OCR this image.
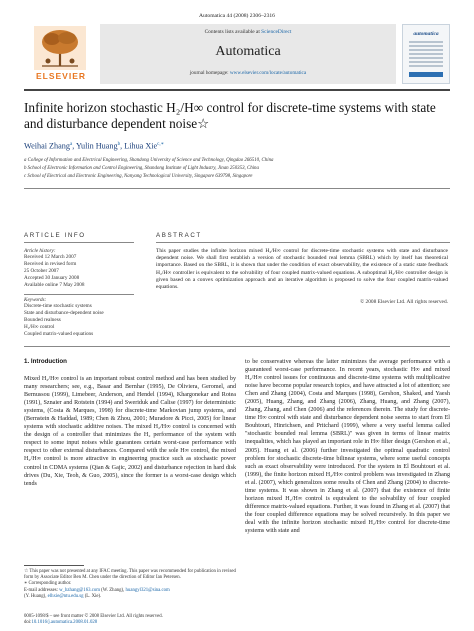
Automatica 44 (2008) 2306–2316
ELSEVIER
Contents lists available at ScienceDirect
Automatica
journal homepage: www.elsevier.com/locate/automatica
automatica
Infinite horizon stochastic H₂/H∞ control for discrete-time systems with state and disturbance dependent noise☆
Weihai Zhang$^a$, Yulin Huang$^b$, Lihua Xie$^{c,∗}$
a College of Information and Electrical Engineering, Shandong University of Science and Technology, Qingdao 266510, China
b School of Electronic Information and Control Engineering, Shandong Institute of Light Industry, Jinan 250353, China
c School of Electrical and Electronic Engineering, Nanyang Technological University, Singapore 639798, Singapore
ARTICLE INFO	ABSTRACT
Article history:
Received 12 March 2007
Received in revised form
25 October 2007
Accepted 30 January 2008
Available online 7 May 2008
Keywords:
Discrete-time stochastic systems
State and disturbance-dependent noise
Bounded realness
H₂/H∞ control
Coupled matrix-valued equations
This paper studies the infinite horizon mixed H₂/H∞ control for discrete-time stochastic systems with state and disturbance dependent noise. We shall first establish a version of stochastic bounded real lemma (SBRL) which by itself has theoretical importance. Based on the SBRL, it is shown that under the condition of exact observability, the existence of a static state feedback H₂/H∞ controller is equivalent to the solvability of four coupled matrix-valued equations. A suboptimal H₂/H∞ controller design is given based on a convex optimization approach and an iterative algorithm is proposed to solve the four coupled matrix-valued equations.
© 2008 Elsevier Ltd. All rights reserved.
1. Introduction
Mixed H₂/H∞ control is an important robust control method and has been studied by many researchers; see, e.g., Basar and Bernhar (1995), De Oliviera, Geromel, and Bernussou (1999), Limebeer, Anderson, and Hendel (1994), Khargonekar and Rotea (1991), Sznaier and Rotstein (1994) and Sweriduk and Calise (1997) for deterministic systems, (Costa & Marques, 1998) for discrete-time Markovian jump systems, and (Bernstein & Haddad, 1989; Chen & Zhou, 2001; Muradore & Picci, 2005) for linear systems with stochastic additive noises. The mixed H₂/H∞ control is concerned with the design of a controller that minimizes the H₂ performance of the system with respect to some input noises while guarantees certain worst-case performance with respect to other external disturbances. Compared with the sole H∞ control, the mixed H₂/H∞ control is more attractive in engineering practice such as stochastic power control in CDMA systems (Qian & Gajic, 2002) and disturbance rejection in hard disk drives (Du, Xie, Teoh, & Guo, 2005), since the former is a worst-case design which tends
to be conservative whereas the latter minimizes the average performance with a guaranteed worst-case performance. In recent years, stochastic H∞ and mixed H₂/H∞ control issues for continuous and discrete-time systems with multiplicative noise have become popular research topics, and have attracted a lot of attention; see Chen and Zhang (2004), Costa and Marques (1998), Gershon, Shaked, and Yaesh (2005), Huang, Zhang, and Zhang (2006), Zhang, Huang, and Zhang (2007), Zhang, Zhang, and Chen (2006) and the references therein. The study for discrete-time H∞ control with state and disturbance dependent noise seems to start from El Bouhtouri, Hinrichsen, and Pritchard (1999), where a very useful lemma called "stochastic bounded real lemma (SBRL)" was given in terms of linear matrix inequalities, which has played an important role in H∞ filter design (Gershon et al., 2005). Huang et al. (2006) further investigated the optimal quadratic control problem for stochastic discrete-time bilinear systems, where some useful concepts such as exact observability were introduced. For the system in El Bouhtouri et al. (1999), the finite horizon mixed H₂/H∞ control problem was investigated in Zhang et al. (2007), which generalizes some results of Chen and Zhang (2004) to discrete-time systems. It was shown in Zhang et al. (2007) that the existence of finite horizon mixed H₂/H∞ control is equivalent to the solvability of four coupled difference matrix-valued equations. Further, it was found in Zhang et al. (2007) that the four coupled difference equations may be solved recursively. In this paper we deal with the infinite horizon stochastic mixed H₂/H∞ control for discrete-time systems with state and
☆ This paper was not presented at any IFAC meeting. This paper was recommended for publication in revised form by Associate Editor Ben M. Chen under the direction of Editor Ian Petersen.
∗ Corresponding author.
E-mail addresses: w_hzhang@163.com (W. Zhang), huangyl321@sina.com
(Y. Huang), elhxie@ntu.edu.sg (L. Xie).
0005-1098/$ – see front matter © 2008 Elsevier Ltd. All rights reserved.
doi:10.1016/j.automatica.2008.01.028
